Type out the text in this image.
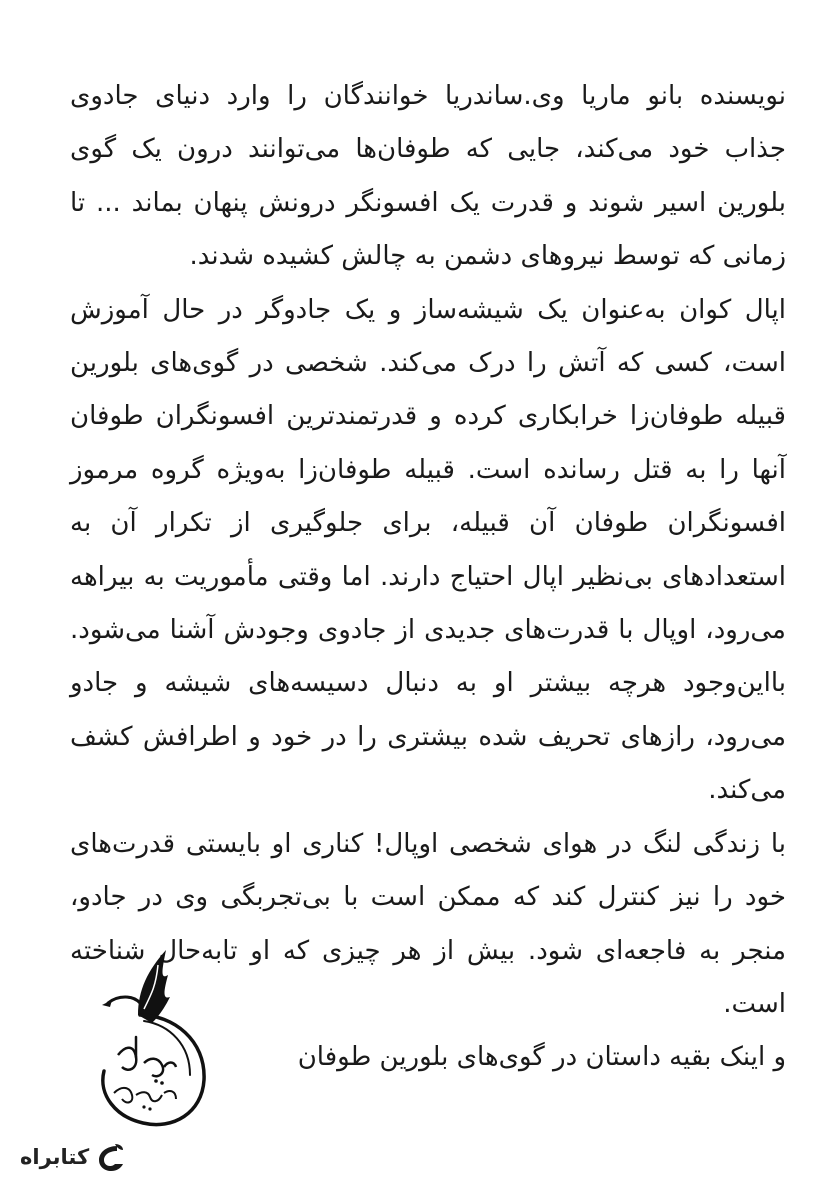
نویسنده بانو ماریا وی.ساندریا خوانندگان را وارد دنیای جادوی جذاب خود می‌کند، جایی که طوفان‌ها می‌توانند درون یک گوی بلورین اسیر شوند و قدرت یک افسونگر درونش پنهان بماند ... تا زمانی که توسط نیروهای دشمن به چالش کشیده شدند.

اپال کوان به‌عنوان یک شیشه‌ساز و یک جادوگر در حال آموزش است، کسی که آتش را درک می‌کند. شخصی در گوی‌های بلورین قبیله طوفان‌زا خرابکاری کرده و قدرتمندترین افسونگران طوفان آنها را به قتل رسانده است. قبیله طوفان‌زا به‌ویژه گروه مرموز افسونگران طوفان آن قبیله، برای جلوگیری از تکرار آن به استعدادهای بی‌نظیر اپال احتیاج دارند. اما وقتی مأموریت به بیراهه می‌رود، اوپال با قدرت‌های جدیدی از جادوی وجودش آشنا می‌شود. بااین‌وجود هرچه بیشتر او به دنبال دسیسه‌های شیشه و جادو می‌رود، رازهای تحریف شده بیشتری را در خود و اطرافش کشف می‌کند.

با زندگی لنگ در هوای شخصی اوپال! کناری او بایستی قدرت‌های خود را نیز کنترل کند که ممکن است با بی‌تجربگی وی در جادو، منجر به فاجعه‌ای شود. بیش از هر چیزی که او تابه‌حال شناخته است.

و اینک بقیه داستان در گوی‌های بلورین طوفان

کتابراه
